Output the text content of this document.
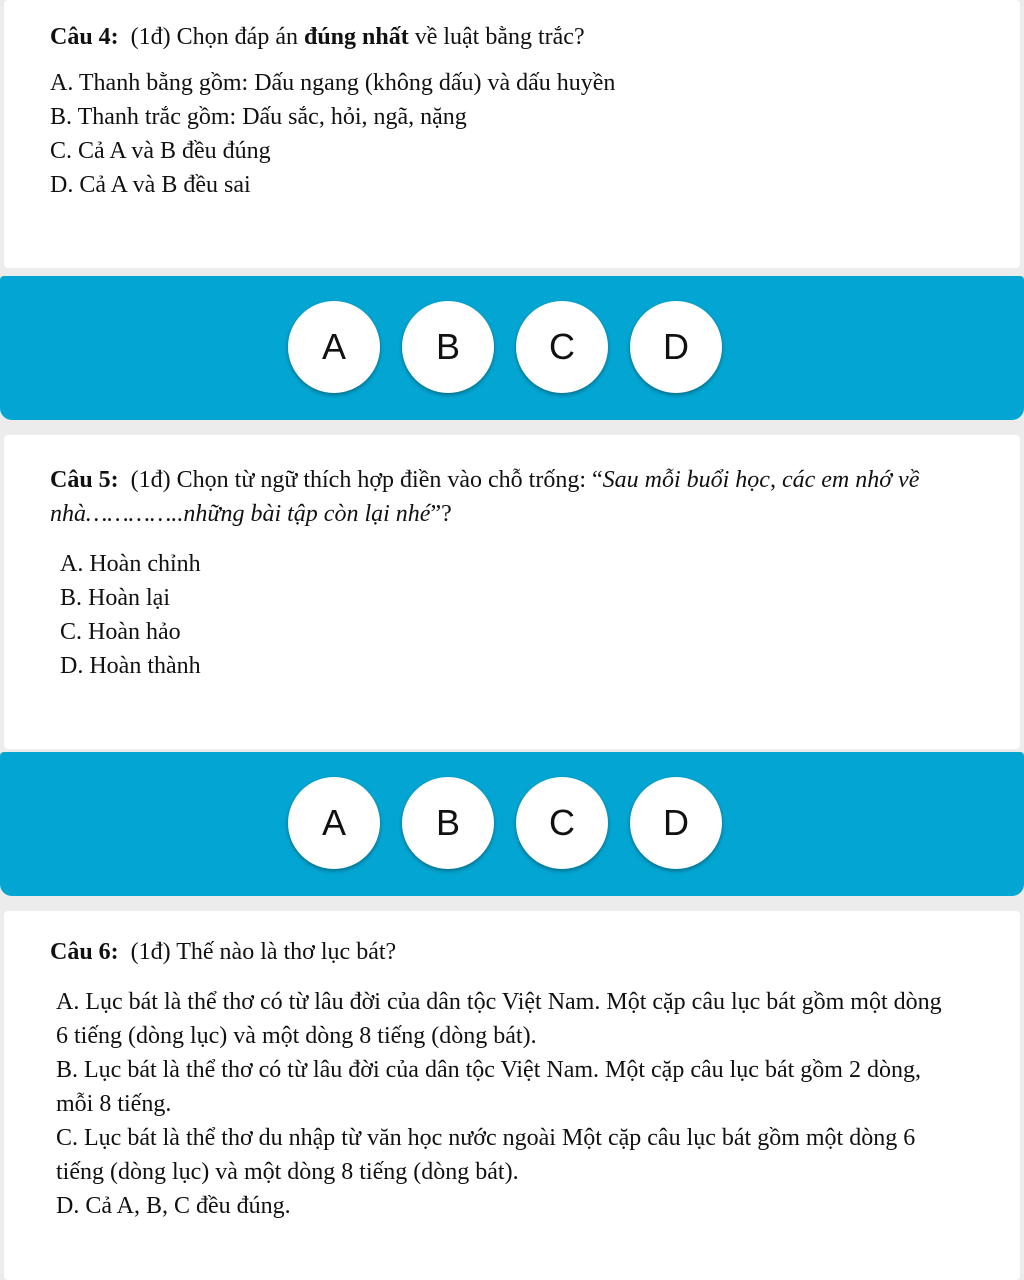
Câu 4: (1đ) Chọn đáp án đúng nhất về luật bằng trắc?

A. Thanh bằng gồm: Dấu ngang (không dấu) và dấu huyền

B. Thanh trắc gồm: Dấu sắc, hỏi, ngã, nặng

C. Cả A và B đều đúng

D. Cả A và B đều sai

A	B	C	D
Câu 5: (1đ) Chọn từ ngữ thích hợp điền vào chỗ trống: “Sau mỗi buổi học, các em nhớ về nhà…………..những bài tập còn lại nhé”?

A. Hoàn chỉnh

B. Hoàn lại

C. Hoàn hảo

D. Hoàn thành

A	B	C	D
Câu 6: (1đ) Thế nào là thơ lục bát?

A. Lục bát là thể thơ có từ lâu đời của dân tộc Việt Nam. Một cặp câu lục bát gồm một dòng 6 tiếng (dòng lục) và một dòng 8 tiếng (dòng bát).

B. Lục bát là thể thơ có từ lâu đời của dân tộc Việt Nam. Một cặp câu lục bát gồm 2 dòng, mỗi 8 tiếng.

C. Lục bát là thể thơ du nhập từ văn học nước ngoài Một cặp câu lục bát gồm một dòng 6 tiếng (dòng lục) và một dòng 8 tiếng (dòng bát).

D. Cả A, B, C đều đúng.
